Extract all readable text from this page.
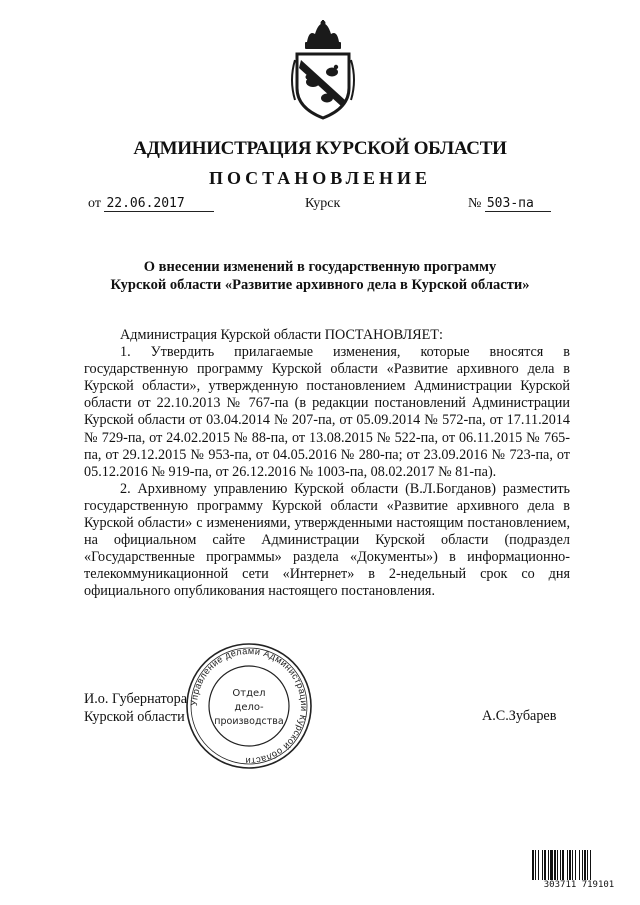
АДМИНИСТРАЦИЯ КУРСКОЙ ОБЛАСТИ
ПОСТАНОВЛЕНИЕ
от 22.06.2017	Курск	№ 503-па
О внесении изменений в государственную программу
Курской области «Развитие архивного дела в Курской области»

Администрация Курской области ПОСТАНОВЛЯЕТ:

1. Утвердить прилагаемые изменения, которые вносятся в государственную программу Курской области «Развитие архивного дела в Курской области», утвержденную постановлением Администрации Курской области от 22.10.2013 № 767-па (в редакции постановлений Администрации Курской области от 03.04.2014 № 207-па, от 05.09.2014 № 572-па, от 17.11.2014 № 729-па, от 24.02.2015 № 88-па, от 13.08.2015 № 522-па, от 06.11.2015 № 765-па, от 29.12.2015 № 953-па, от 04.05.2016 № 280-па; от 23.09.2016 № 723-па, от 05.12.2016 № 919-па, от 26.12.2016 № 1003-па, 08.02.2017 № 81-па).

2. Архивному управлению Курской области (В.Л.Богданов) разместить государственную программу Курской области «Развитие архивного дела в Курской области» с изменениями, утвержденными настоящим постановлением, на официальном сайте Администрации Курской области (подраздел «Государственные программы» раздела «Документы») в информационно-телекоммуникационной сети «Интернет» в 2-недельный срок со дня официального опубликования настоящего постановления.

И.о. Губернатора
Курской области	А.С.Зубарев
Управление делами Администрации Курской области
Отдел
дело-
производства
303711 719101
